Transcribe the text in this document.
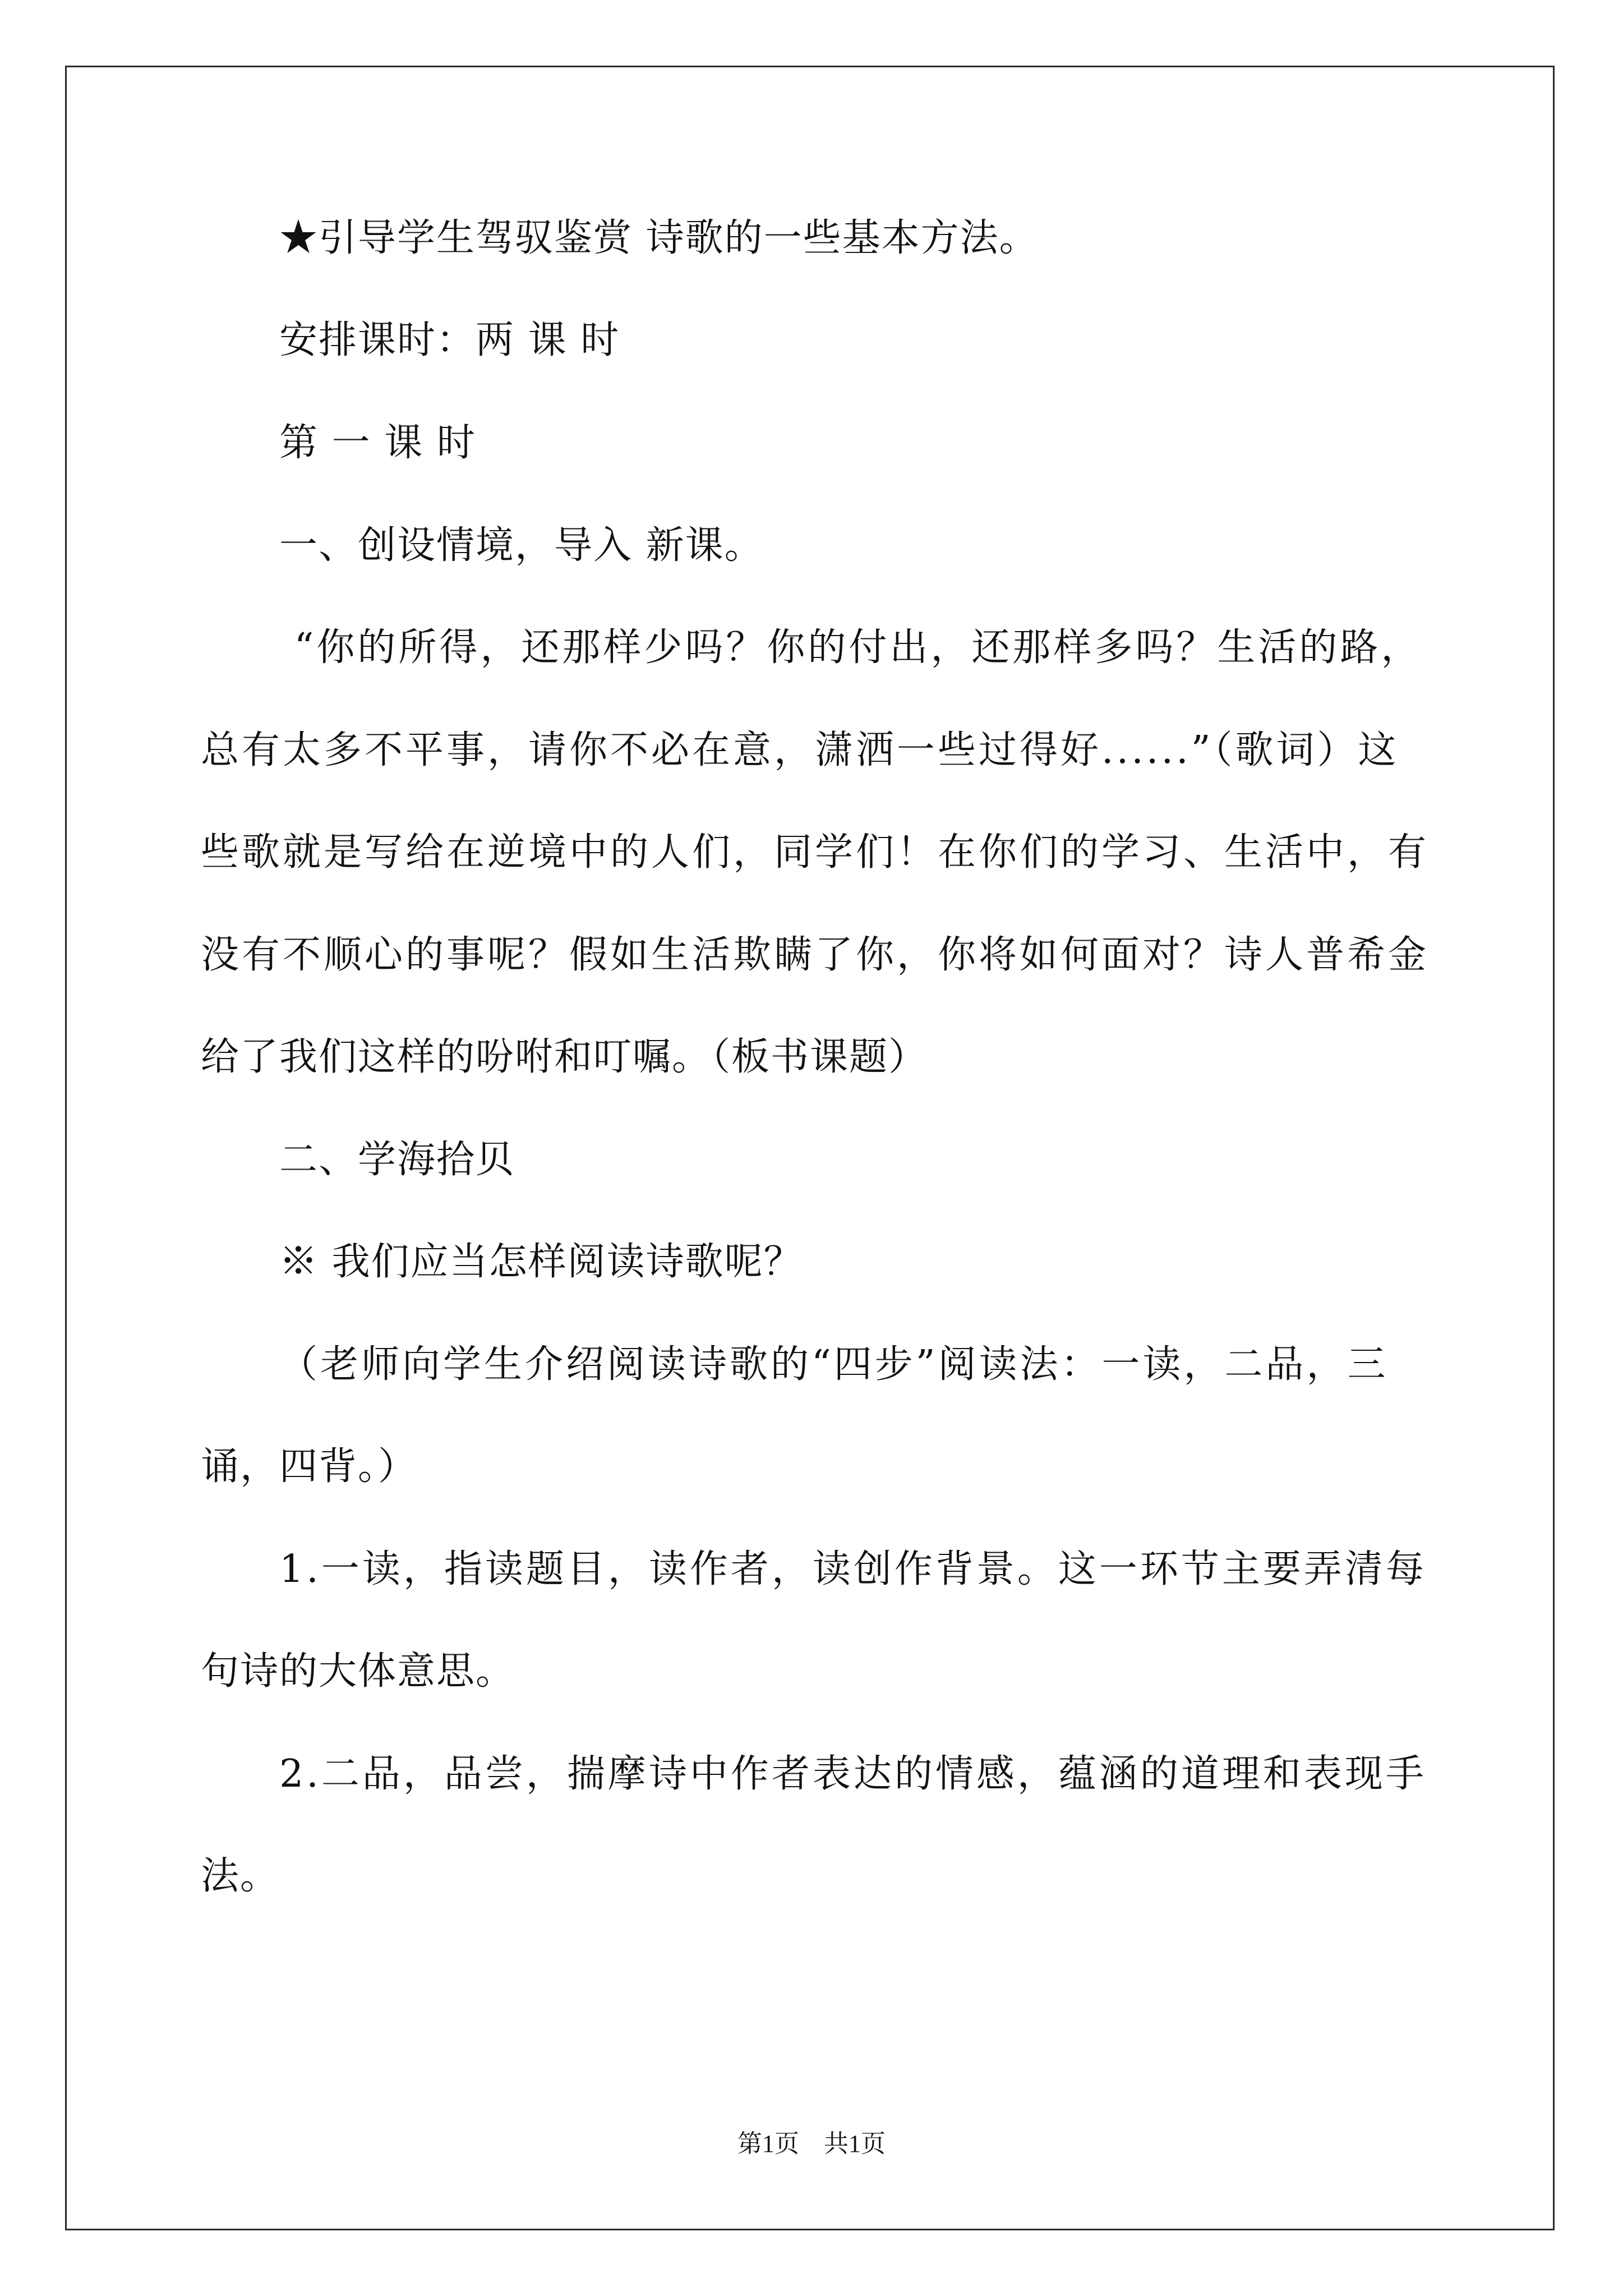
★引导学生驾驭鉴赏 诗歌的一些基本方法。
安排课时：两 课 时
第 一 课 时
一、创设情境，导入 新课。
“你的所得，还那样少吗？你的付出，还那样多吗？生活的路，
总有太多不平事，请你不必在意，潇洒一些过得好......”（歌词）这
些歌就是写给在逆境中的人们，同学们！在你们的学习、生活中，有
没有不顺心的事呢？假如生活欺瞒了你，你将如何面对？诗人普希金
给了我们这样的吩咐和叮嘱。（板书课题）
二、学海拾贝
※ 我们应当怎样阅读诗歌呢？
（老师向学生介绍阅读诗歌的“四步”阅读法：一读，二品，三
诵，四背。）
1.一读，指读题目，读作者，读创作背景。这一环节主要弄清每
句诗的大体意思。
2.二品，品尝，揣摩诗中作者表达的情感，蕴涵的道理和表现手
法。
第1页　共1页
